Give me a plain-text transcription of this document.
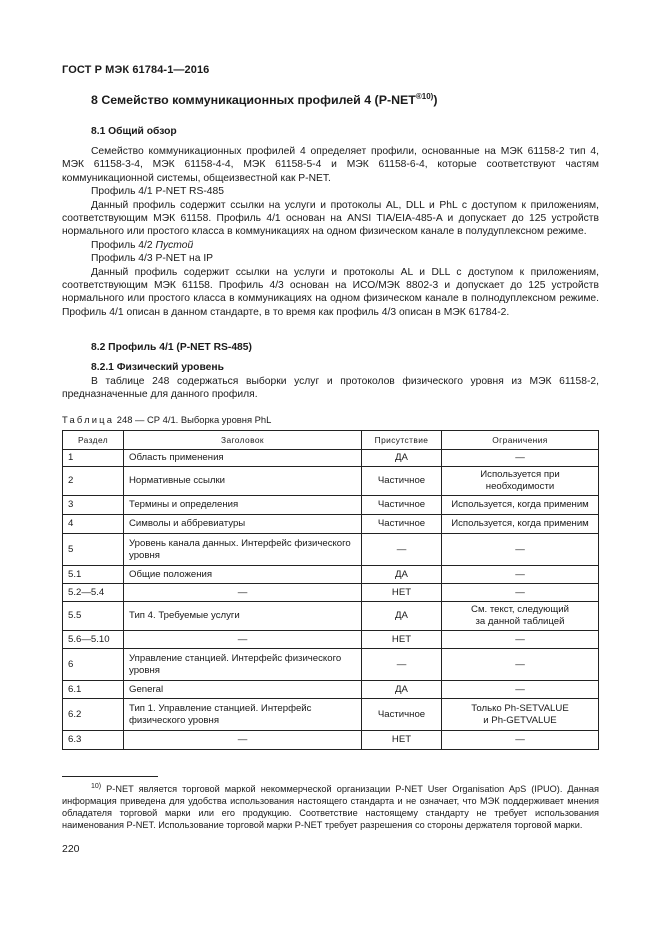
ГОСТ Р МЭК 61784-1—2016
8 Семейство коммуникационных профилей 4 $(P-NET^{®10)})$
8.1 Общий обзор

Семейство коммуникационных профилей 4 определяет профили, основанные на МЭК 61158-2 тип 4, МЭК 61158-3-4, МЭК 61158-4-4, МЭК 61158-5-4 и МЭК 61158-6-4, которые соответствуют частям коммуникационной системы, общеизвестной как P-NET.

Профиль 4/1 P-NET RS-485

Данный профиль содержит ссылки на услуги и протоколы AL, DLL и PhL с доступом к приложениям, соответствующим МЭК 61158. Профиль 4/1 основан на ANSI TIA/EIA-485-A и допускает до 125 устройств нормального или простого класса в коммуникациях на одном физическом канале в полудуплексном режиме.

Профиль 4/2 Пустой

Профиль 4/3 P-NET на IP

Данный профиль содержит ссылки на услуги и протоколы AL и DLL с доступом к приложениям, соответствующим МЭК 61158. Профиль 4/3 основан на ИСО/МЭК 8802-3 и допускает до 125 устройств нормального или простого класса в коммуникациях на одном физическом канале в полнодуплексном режиме. Профиль 4/1 описан в данном стандарте, в то время как профиль 4/3 описан в МЭК 61784-2.

8.2 Профиль 4/1 (P-NET RS-485)
8.2.1 Физический уровень

В таблице 248 содержаться выборки услуг и протоколов физического уровня из МЭК 61158-2, предназначенные для данного профиля.

Таблица 248 — СР 4/1. Выборка уровня PhL
Раздел	Заголовок	Присутствие	Ограничения
1	Область применения	ДА	—
2	Нормативные ссылки	Частичное	Используется при необходимости
3	Термины и определения	Частичное	Используется, когда применим
4	Символы и аббревиатуры	Частичное	Используется, когда применим
5	Уровень канала данных. Интерфейс физического уровня	—	—
5.1	Общие положения	ДА	—
5.2—5.4	—	НЕТ	—
5.5	Тип 4. Требуемые услуги	ДА	См. текст, следующий
за данной таблицей
5.6—5.10	—	НЕТ	—
6	Управление станцией. Интерфейс физического уровня	—	—
6.1	General	ДА	—
6.2	Тип 1. Управление станцией. Интерфейс физического уровня	Частичное	Только Ph-SETVALUE
и Ph-GETVALUE
6.3	—	НЕТ	—

$^{10)}$ P-NET является торговой маркой некоммерческой организации P-NET User Organisation ApS (IPUO). Данная информация приведена для удобства использования настоящего стандарта и не означает, что МЭК поддерживает мнения обладателя торговой марки или его продукцию. Соответствие настоящему стандарту не требует использования наименования P-NET. Использование торговой марки P-NET требует разрешения со стороны держателя торговой марки.

220
